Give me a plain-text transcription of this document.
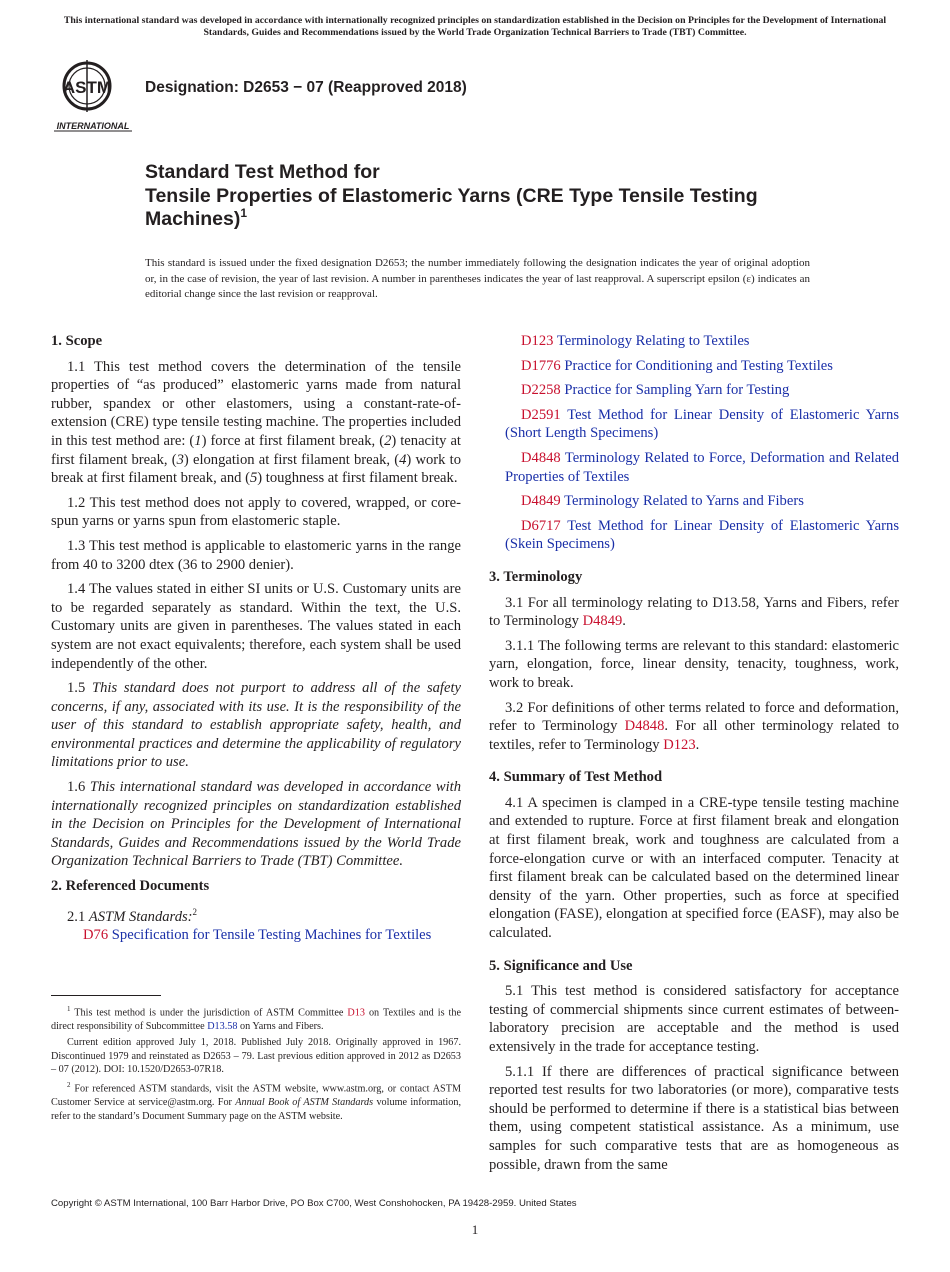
This international standard was developed in accordance with internationally recognized principles on standardization established in the Decision on Principles for the Development of International Standards, Guides and Recommendations issued by the World Trade Organization Technical Barriers to Trade (TBT) Committee.
ASTM
INTERNATIONAL
Designation: D2653 − 07 (Reapproved 2018)
Standard Test Method for
Tensile Properties of Elastomeric Yarns (CRE Type Tensile Testing Machines)$^1$
This standard is issued under the fixed designation D2653; the number immediately following the designation indicates the year of original adoption or, in the case of revision, the year of last revision. A number in parentheses indicates the year of last reapproval. A superscript epsilon (ε) indicates an editorial change since the last revision or reapproval.
1. Scope

1.1 This test method covers the determination of the tensile properties of “as produced” elastomeric yarns made from natural rubber, spandex or other elastomers, using a constant-rate-of-extension (CRE) type tensile testing machine. The properties included in this test method are: (1) force at first filament break, (2) tenacity at first filament break, (3) elongation at first filament break, (4) work to break at first filament break, and (5) toughness at first filament break.

1.2 This test method does not apply to covered, wrapped, or core-spun yarns or yarns spun from elastomeric staple.

1.3 This test method is applicable to elastomeric yarns in the range from 40 to 3200 dtex (36 to 2900 denier).

1.4 The values stated in either SI units or U.S. Customary units are to be regarded separately as standard. Within the text, the U.S. Customary units are given in parentheses. The values stated in each system are not exact equivalents; therefore, each system shall be used independently of the other.

1.5 This standard does not purport to address all of the safety concerns, if any, associated with its use. It is the responsibility of the user of this standard to establish appropriate safety, health, and environmental practices and determine the applicability of regulatory limitations prior to use.

1.6 This international standard was developed in accordance with internationally recognized principles on standardization established in the Decision on Principles for the Development of International Standards, Guides and Recommendations issued by the World Trade Organization Technical Barriers to Trade (TBT) Committee.

2. Referenced Documents

2.1 ASTM Standards:$^2$

D76 Specification for Tensile Testing Machines for Textiles

D123 Terminology Relating to Textiles

D1776 Practice for Conditioning and Testing Textiles

D2258 Practice for Sampling Yarn for Testing

D2591 Test Method for Linear Density of Elastomeric Yarns (Short Length Specimens)

D4848 Terminology Related to Force, Deformation and Related Properties of Textiles

D4849 Terminology Related to Yarns and Fibers

D6717 Test Method for Linear Density of Elastomeric Yarns (Skein Specimens)

3. Terminology

3.1 For all terminology relating to D13.58, Yarns and Fibers, refer to Terminology D4849.

3.1.1 The following terms are relevant to this standard: elastomeric yarn, elongation, force, linear density, tenacity, toughness, work, work to break.

3.2 For definitions of other terms related to force and deformation, refer to Terminology D4848. For all other terminology related to textiles, refer to Terminology D123.

4. Summary of Test Method

4.1 A specimen is clamped in a CRE-type tensile testing machine and extended to rupture. Force at first filament break and elongation at first filament break, work and toughness are calculated from a force-elongation curve or with an interfaced computer. Tenacity at first filament break can be calculated based on the determined linear density of the yarn. Other properties, such as force at specified elongation (FASE), elongation at specified force (EASF), may also be calculated.

5. Significance and Use

5.1 This test method is considered satisfactory for acceptance testing of commercial shipments since current estimates of between-laboratory precision are acceptable and the method is used extensively in the trade for acceptance testing.

5.1.1 If there are differences of practical significance between reported test results for two laboratories (or more), comparative tests should be performed to determine if there is a statistical bias between them, using competent statistical assistance. As a minimum, use samples for such comparative tests that are as homogeneous as possible, drawn from the same

$^1$ This test method is under the jurisdiction of ASTM Committee D13 on Textiles and is the direct responsibility of Subcommittee D13.58 on Yarns and Fibers.

Current edition approved July 1, 2018. Published July 2018. Originally approved in 1967. Discontinued 1979 and reinstated as D2653 – 79. Last previous edition approved in 2012 as D2653 – 07 (2012). DOI: 10.1520/D2653-07R18.

$^2$ For referenced ASTM standards, visit the ASTM website, www.astm.org, or contact ASTM Customer Service at service@astm.org. For Annual Book of ASTM Standards volume information, refer to the standard’s Document Summary page on the ASTM website.

Copyright © ASTM International, 100 Barr Harbor Drive, PO Box C700, West Conshohocken, PA 19428-2959. United States
1
